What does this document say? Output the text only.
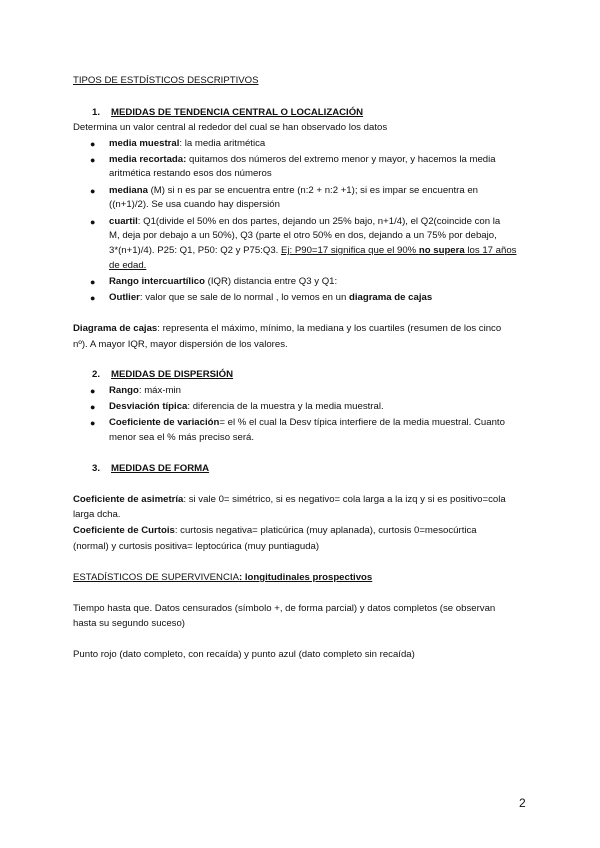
TIPOS DE ESTDÍSTICOS DESCRIPTIVOS
1. MEDIDAS DE TENDENCIA CENTRAL O LOCALIZACIÓN
Determina un valor central al rededor del cual se han observado los datos
● media muestral: la media aritmética
● media recortada: quitamos dos números del extremo menor y mayor, y hacemos la media
aritmética restando esos dos números
● mediana (M) si n es par se encuentra entre (n:2 + n:2 +1); si es impar se encuentra en
((n+1)/2). Se usa cuando hay dispersión
● cuartil: Q1(divide el 50% en dos partes, dejando un 25% bajo, n+1/4), el Q2(coincide con la
M, deja por debajo a un 50%), Q3 (parte el otro 50% en dos, dejando a un 75% por debajo,
3*(n+1)/4). P25: Q1, P50: Q2 y P75:Q3. Ej: P90=17 significa que el 90% no supera los 17 años
de edad.
● Rango intercuartílico (IQR) distancia entre Q3 y Q1:
● Outlier: valor que se sale de lo normal , lo vemos en un diagrama de cajas
Diagrama de cajas: representa el máximo, mínimo, la mediana y los cuartiles (resumen de los cinco
nº). A mayor IQR, mayor dispersión de los valores.
2. MEDIDAS DE DISPERSIÓN
● Rango: máx-min
● Desviación típica: diferencia de la muestra y la media muestral.
● Coeficiente de variación= el % el cual la Desv típica interfiere de la media muestral. Cuanto
menor sea el % más preciso será.
3. MEDIDAS DE FORMA
Coeficiente de asimetría: si vale 0= simétrico, si es negativo= cola larga a la izq y si es positivo=cola
larga dcha.
Coeficiente de Curtois: curtosis negativa= platicúrica (muy aplanada), curtosis 0=mesocúrtica
(normal) y curtosis positiva= leptocúrica (muy puntiaguda)
ESTADÍSTICOS DE SUPERVIVENCIA: longitudinales prospectivos
Tiempo hasta que. Datos censurados (símbolo +, de forma parcial) y datos completos (se observan
hasta su segundo suceso)
Punto rojo (dato completo, con recaída) y punto azul (dato completo sin recaída)
2
